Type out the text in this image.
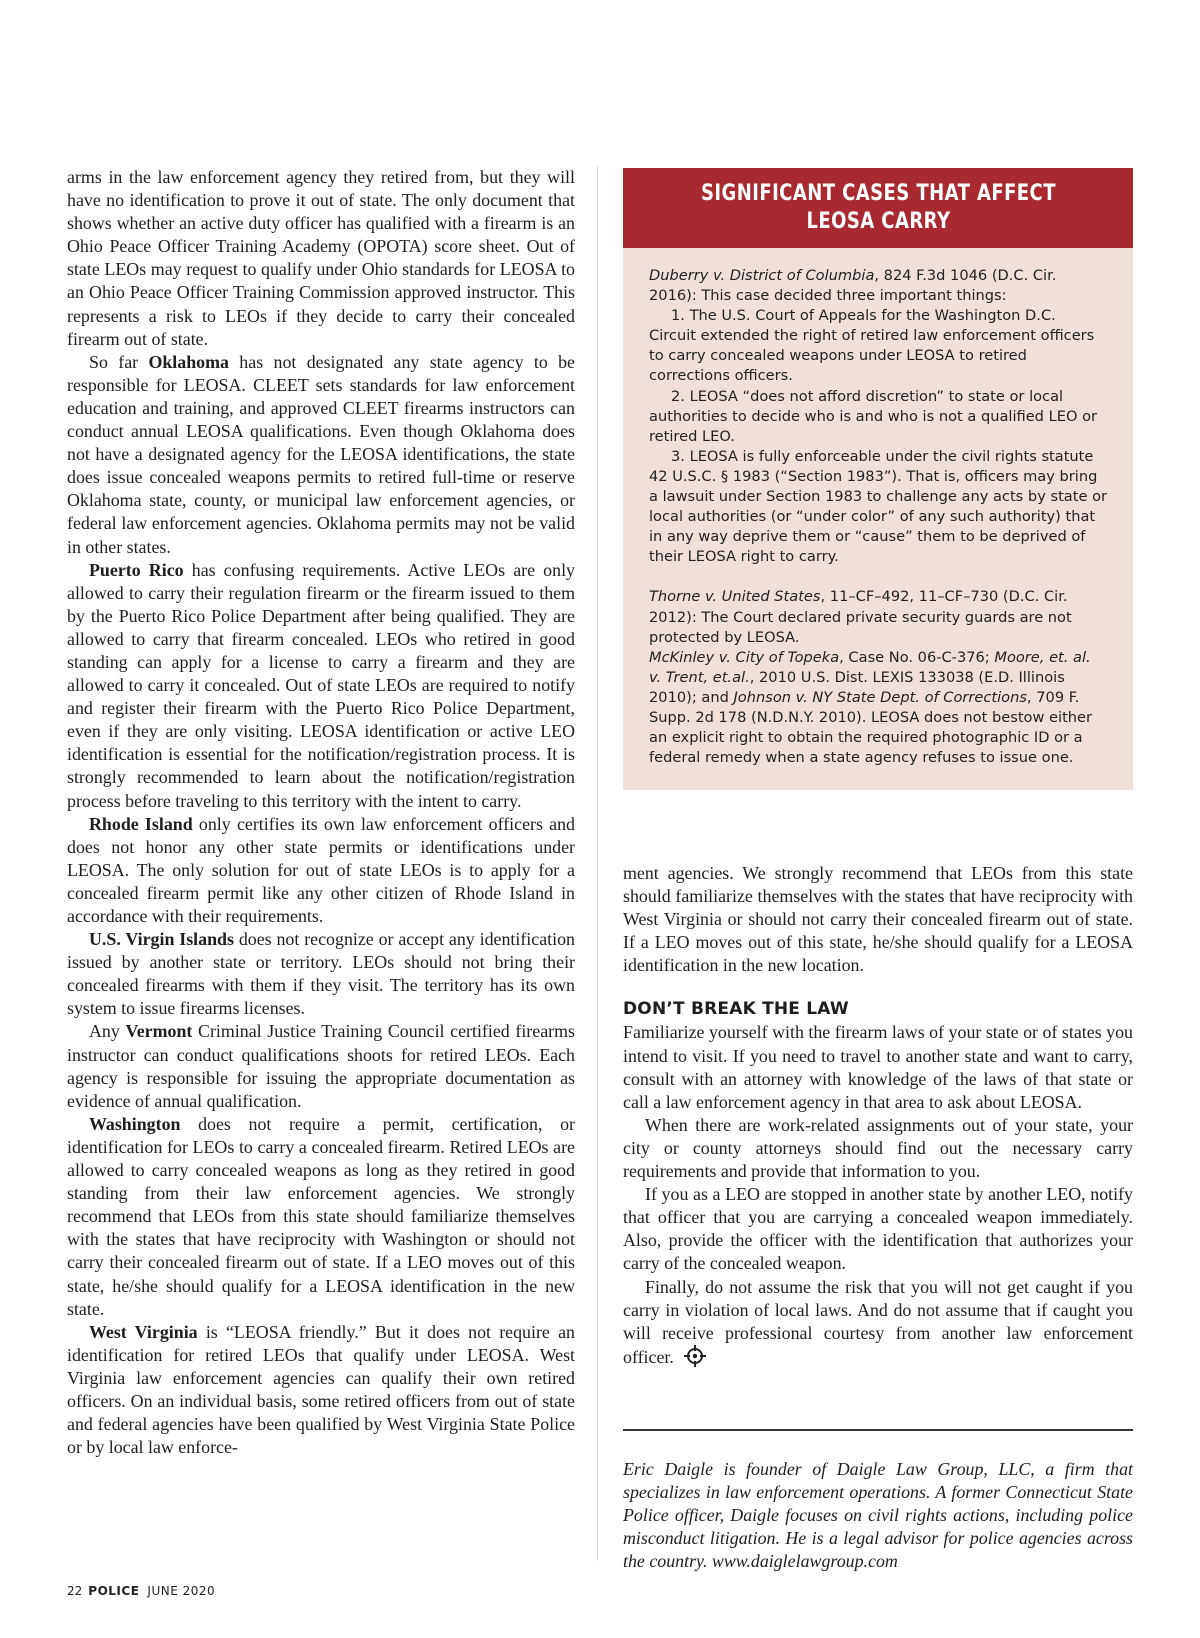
arms in the law enforcement agency they retired from, but they will have no identification to prove it out of state. The only document that shows whether an active duty officer has qualified with a firearm is an Ohio Peace Officer Training Academy (OPOTA) score sheet. Out of state LEOs may request to qualify under Ohio standards for LEOSA to an Ohio Peace Officer Training Commission approved instructor. This represents a risk to LEOs if they decide to carry their concealed firearm out of state.

So far Oklahoma has not designated any state agency to be responsible for LEOSA. CLEET sets standards for law enforcement education and training, and approved CLEET firearms instructors can conduct annual LEOSA qualifications. Even though Oklahoma does not have a designated agency for the LEOSA identifications, the state does issue concealed weapons permits to retired full-time or reserve Oklahoma state, county, or municipal law enforcement agencies, or federal law enforcement agencies. Oklahoma permits may not be valid in other states.

Puerto Rico has confusing requirements. Active LEOs are only allowed to carry their regulation firearm or the firearm issued to them by the Puerto Rico Police Department after being qualified. They are allowed to carry that firearm concealed. LEOs who retired in good standing can apply for a license to carry a firearm and they are allowed to carry it concealed. Out of state LEOs are required to notify and register their firearm with the Puerto Rico Police Department, even if they are only visiting. LEOSA identification or active LEO identification is essential for the notification/registration process. It is strongly recommended to learn about the notification/registration process before traveling to this territory with the intent to carry.

Rhode Island only certifies its own law enforcement officers and does not honor any other state permits or identifications under LEOSA. The only solution for out of state LEOs is to apply for a concealed firearm permit like any other citizen of Rhode Island in accordance with their requirements.

U.S. Virgin Islands does not recognize or accept any identification issued by another state or territory. LEOs should not bring their concealed firearms with them if they visit. The territory has its own system to issue firearms licenses.

Any Vermont Criminal Justice Training Council certified firearms instructor can conduct qualifications shoots for retired LEOs. Each agency is responsible for issuing the appropriate documentation as evidence of annual qualification.

Washington does not require a permit, certification, or identification for LEOs to carry a concealed firearm. Retired LEOs are allowed to carry concealed weapons as long as they retired in good standing from their law enforcement agencies. We strongly recommend that LEOs from this state should familiarize themselves with the states that have reciprocity with Washington or should not carry their concealed firearm out of state. If a LEO moves out of this state, he/she should qualify for a LEOSA identification in the new state.

West Virginia is “LEOSA friendly.” But it does not require an identification for retired LEOs that qualify under LEOSA. West Virginia law enforcement agencies can qualify their own retired officers. On an individual basis, some retired officers from out of state and federal agencies have been qualified by West Virginia State Police or by local law enforce-

SIGNIFICANT CASES THAT AFFECT
LEOSA CARRY

Duberry v. District of Columbia, 824 F.3d 1046 (D.C. Cir. 2016): This case decided three important things:

1. The U.S. Court of Appeals for the Washington D.C. Circuit extended the right of retired law enforcement officers to carry concealed weapons under LEOSA to retired corrections officers.

2. LEOSA “does not afford discretion” to state or local authorities to decide who is and who is not a qualified LEO or retired LEO.

3. LEOSA is fully enforceable under the civil rights statute 42 U.S.C. § 1983 (“Section 1983”). That is, officers may bring a lawsuit under Section 1983 to challenge any acts by state or local authorities (or “under color” of any such authority) that in any way deprive them or “cause” them to be deprived of their LEOSA right to carry.

Thorne v. United States, 11–CF–492, 11–CF–730 (D.C. Cir. 2012): The Court declared private security guards are not protected by LEOSA.

McKinley v. City of Topeka, Case No. 06-C-376; Moore, et. al. v. Trent, et.al., 2010 U.S. Dist. LEXIS 133038 (E.D. Illinois 2010); and Johnson v. NY State Dept. of Corrections, 709 F. Supp. 2d 178 (N.D.N.Y. 2010). LEOSA does not bestow either an explicit right to obtain the required photographic ID or a federal remedy when a state agency refuses to issue one.

ment agencies. We strongly recommend that LEOs from this state should familiarize themselves with the states that have reciprocity with West Virginia or should not carry their concealed firearm out of state. If a LEO moves out of this state, he/she should qualify for a LEOSA identification in the new location.

DON’T BREAK THE LAW

Familiarize yourself with the firearm laws of your state or of states you intend to visit. If you need to travel to another state and want to carry, consult with an attorney with knowledge of the laws of that state or call a law enforcement agency in that area to ask about LEOSA.

When there are work-related assignments out of your state, your city or county attorneys should find out the necessary carry requirements and provide that information to you.

If you as a LEO are stopped in another state by another LEO, notify that officer that you are carrying a concealed weapon immediately. Also, provide the officer with the identification that authorizes your carry of the concealed weapon.

Finally, do not assume the risk that you will not get caught if you carry in violation of local laws. And do not assume that if caught you will receive professional courtesy from another law enforcement officer.

Eric Daigle is founder of Daigle Law Group, LLC, a firm that specializes in law enforcement operations. A former Connecticut State Police officer, Daigle focuses on civil rights actions, including police misconduct litigation. He is a legal advisor for police agencies across the country. www.daiglelawgroup.com

22 POLICE JUNE 2020
